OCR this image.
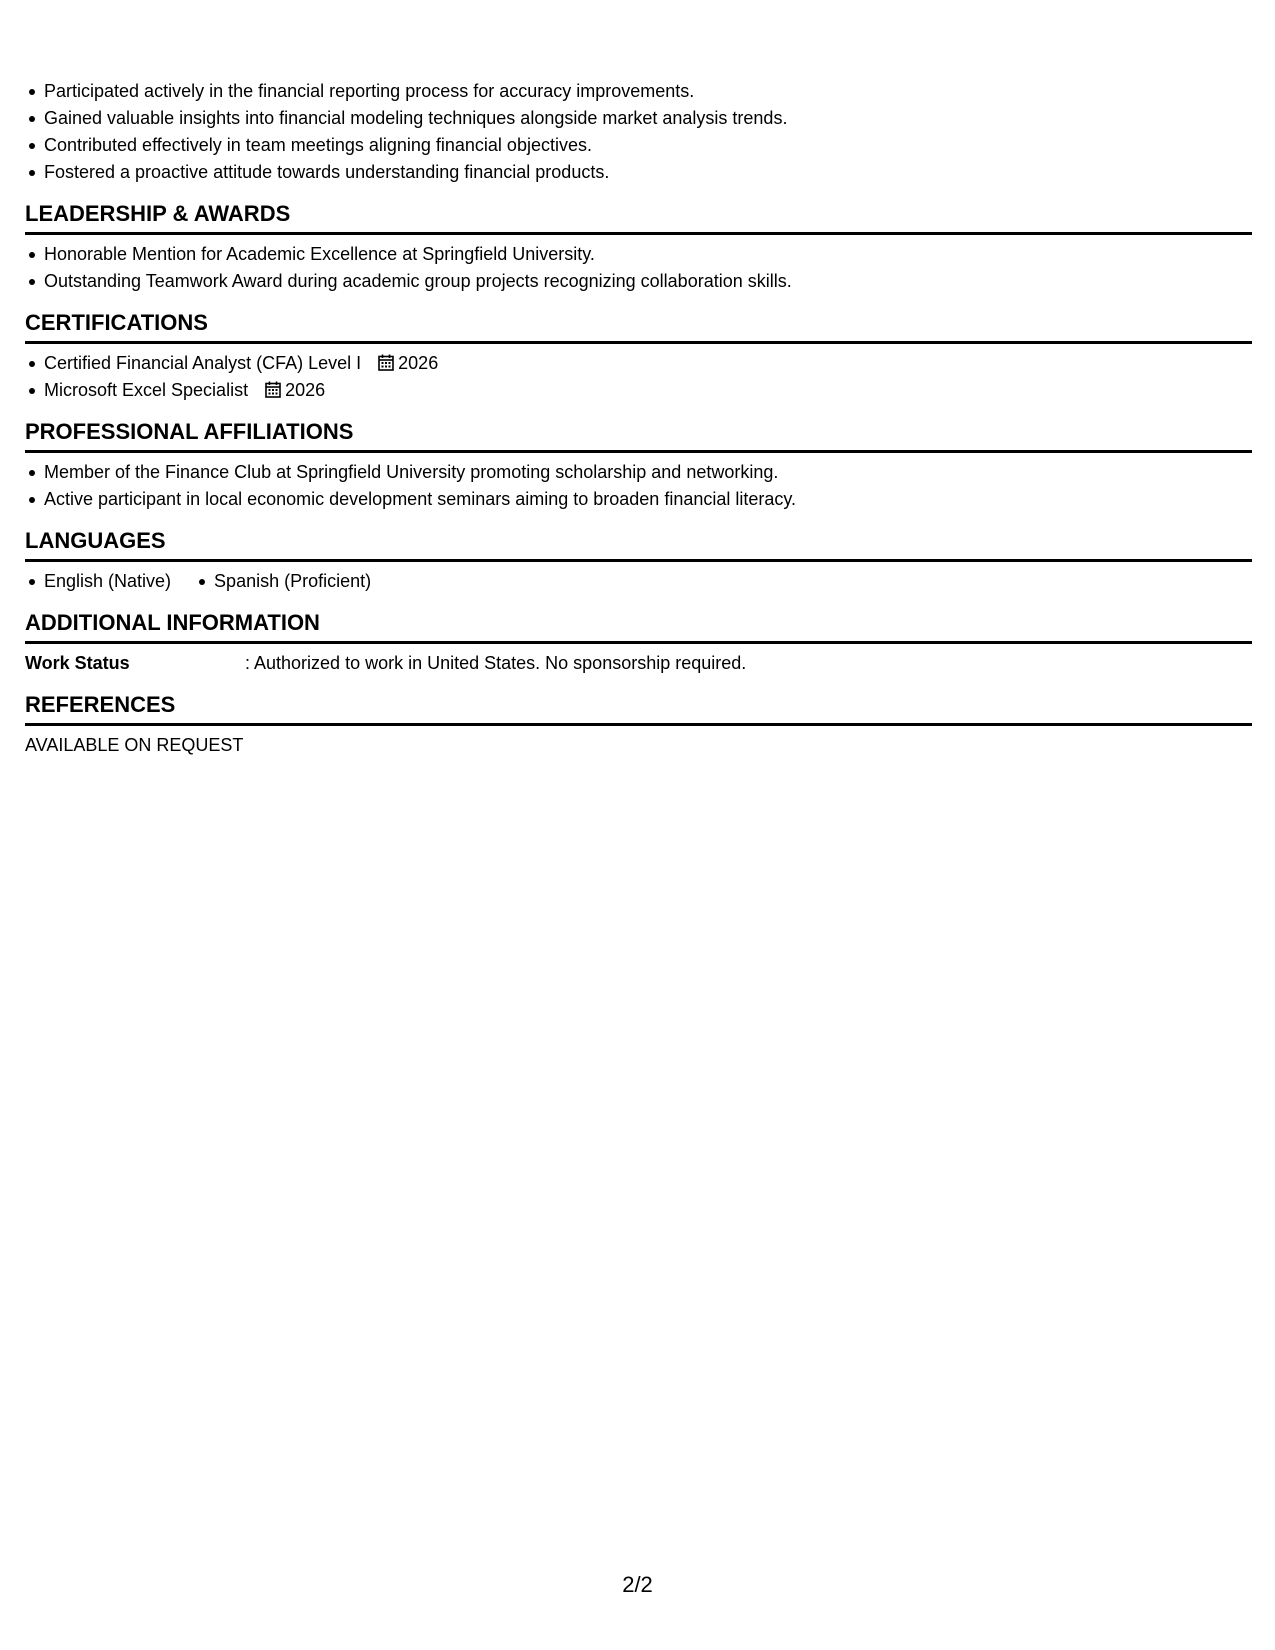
Participated actively in the financial reporting process for accuracy improvements.
Gained valuable insights into financial modeling techniques alongside market analysis trends.
Contributed effectively in team meetings aligning financial objectives.
Fostered a proactive attitude towards understanding financial products.
LEADERSHIP & AWARDS
Honorable Mention for Academic Excellence at Springfield University.
Outstanding Teamwork Award during academic group projects recognizing collaboration skills.
CERTIFICATIONS
Certified Financial Analyst (CFA) Level I 2026
Microsoft Excel Specialist 2026
PROFESSIONAL AFFILIATIONS
Member of the Finance Club at Springfield University promoting scholarship and networking.
Active participant in local economic development seminars aiming to broaden financial literacy.
LANGUAGES
English (Native) Spanish (Proficient)
ADDITIONAL INFORMATION
Work Status	: Authorized to work in United States. No sponsorship required.
REFERENCES
AVAILABLE ON REQUEST
2/2
